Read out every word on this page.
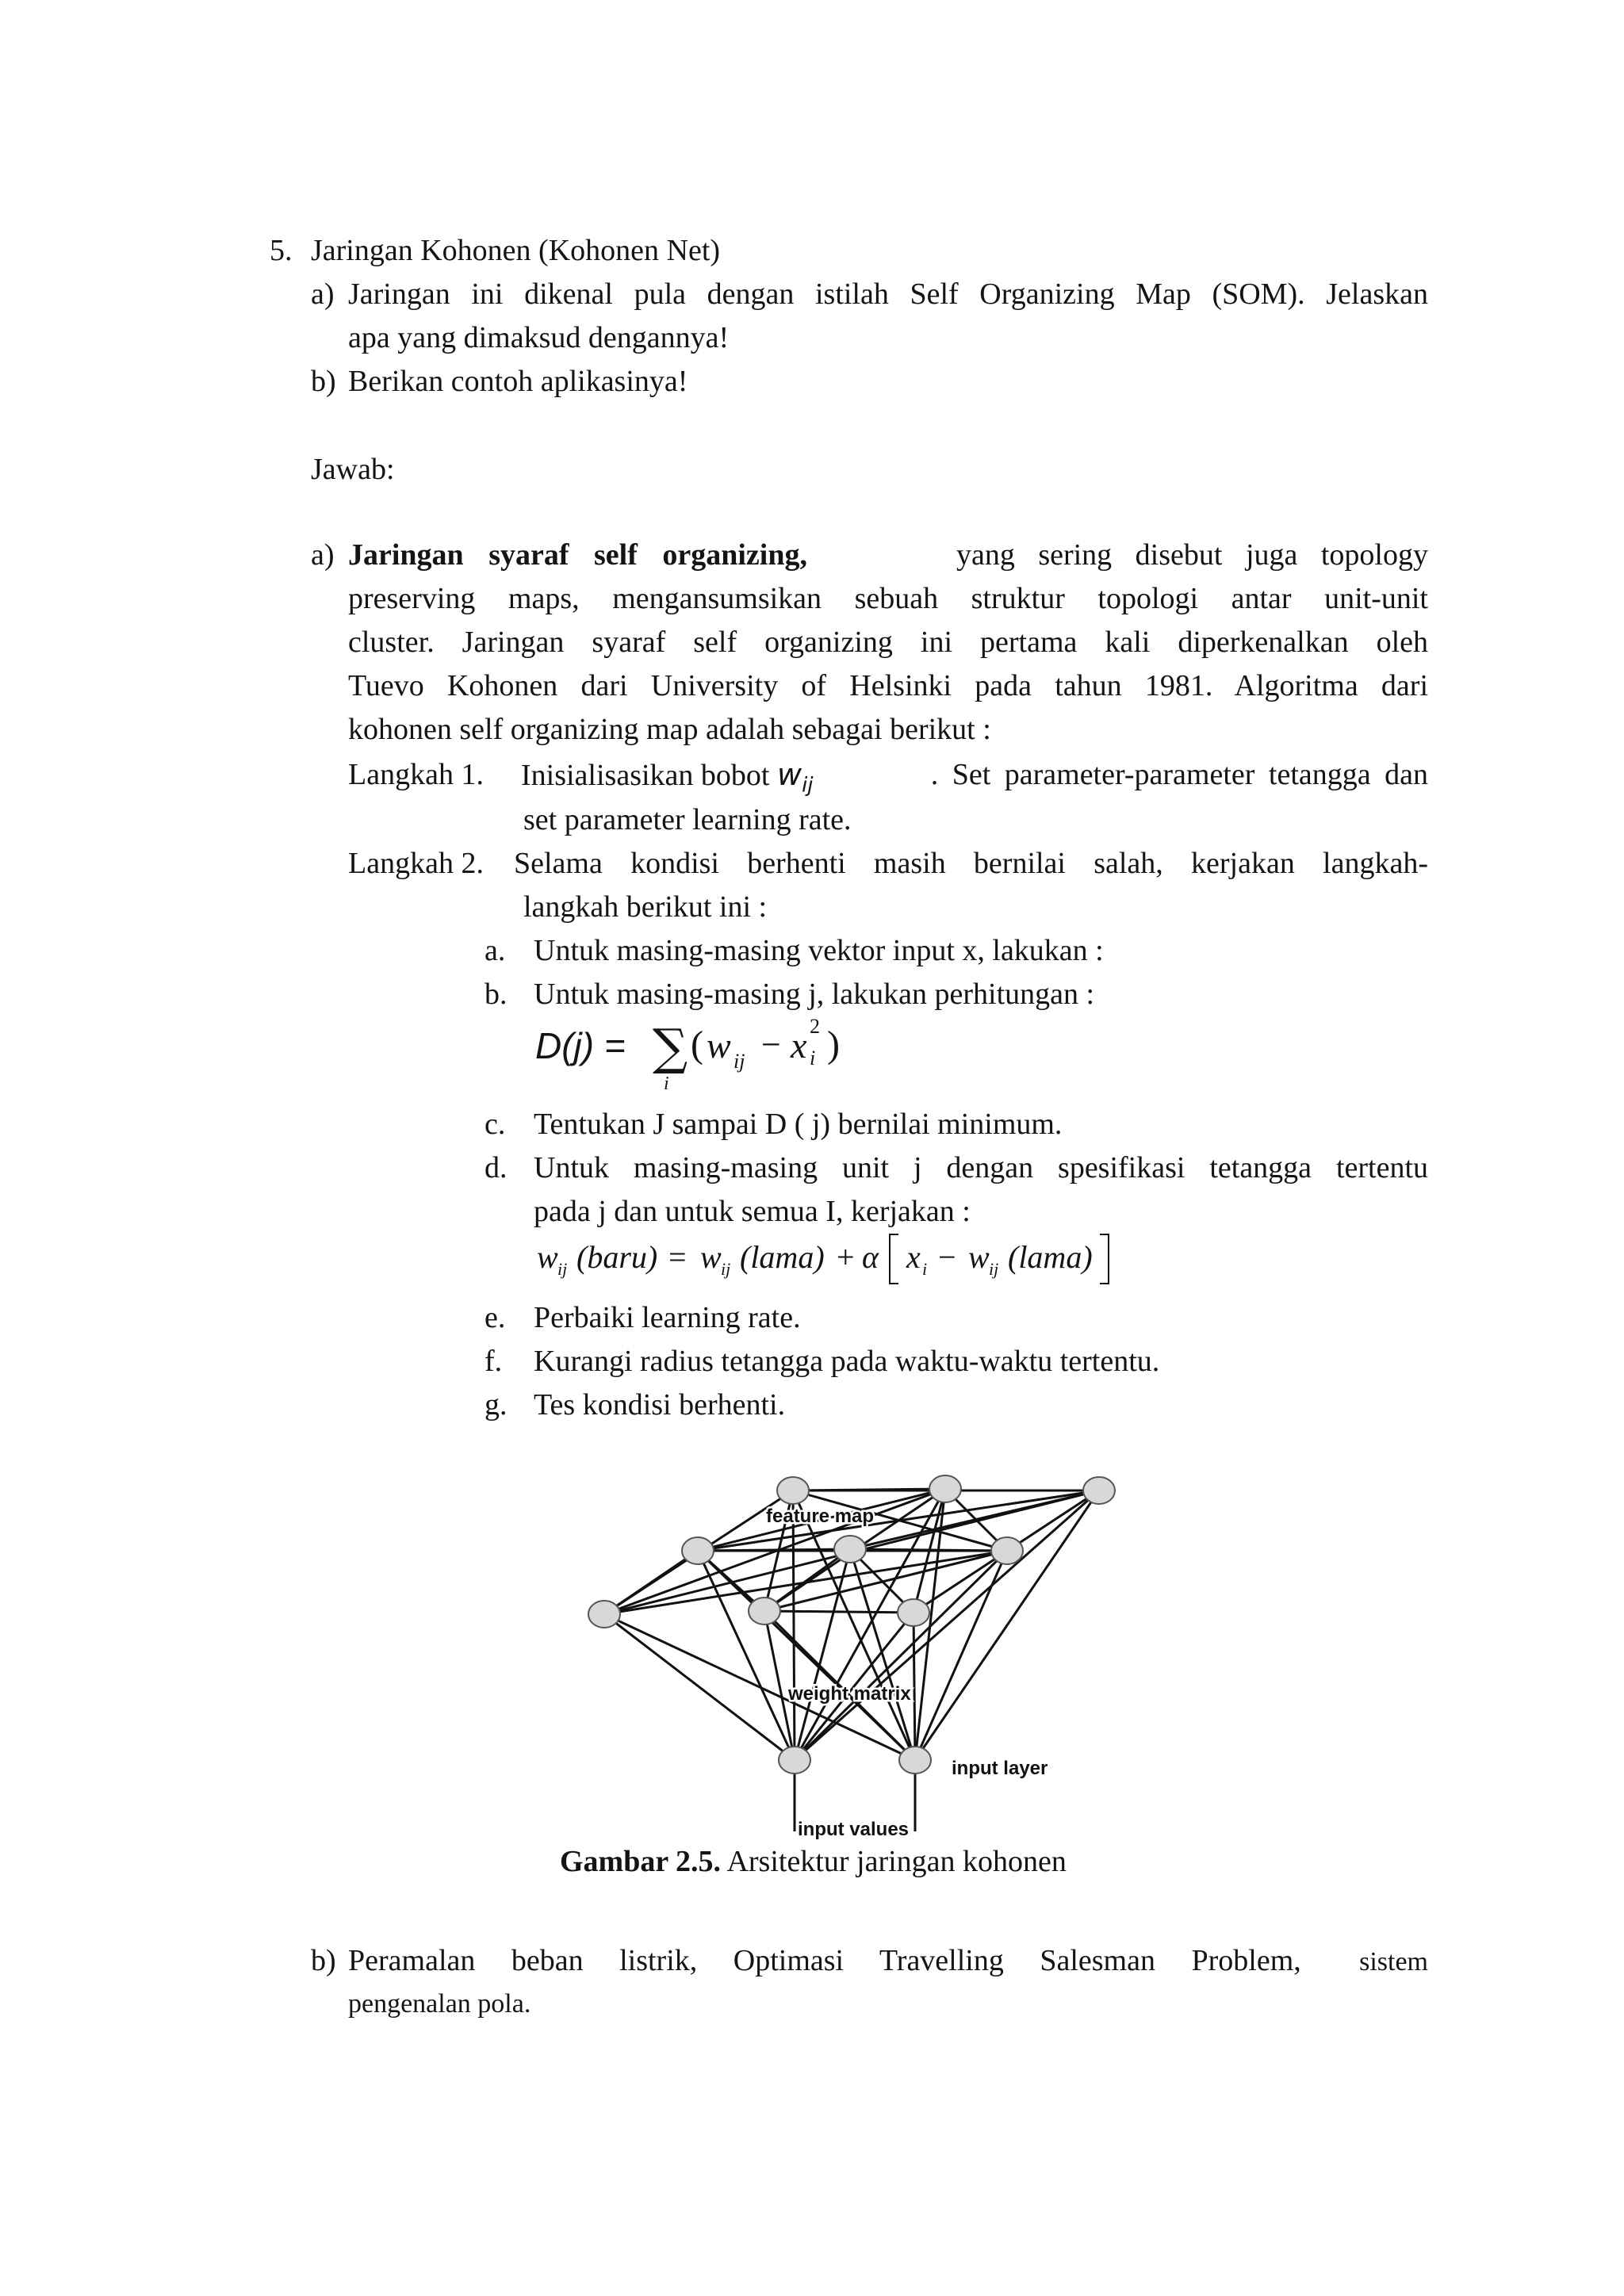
5. Jaringan Kohonen (Kohonen Net)
a) Jaringan ini dikenal pula dengan istilah Self Organizing Map (SOM). Jelaskan
apa yang dimaksud dengannya!
b) Berikan contoh aplikasinya!
Jawab:
a) Jaringan syaraf self organizing,	yang sering disebut juga topology
preserving maps, mengansumsikan sebuah struktur topologi antar unit-unit
cluster. Jaringan syaraf self organizing ini pertama kali diperkenalkan oleh
Tuevo Kohonen dari University of Helsinki pada tahun 1981. Algoritma dari
kohonen self organizing map adalah sebagai berikut :
Langkah 1. Inisialisasikan bobot $w_{ij}$	. Set parameter-parameter tetangga dan
set parameter learning rate.
Langkah 2. Selama kondisi berhenti masih bernilai salah, kerjakan langkah-
langkah berikut ini :
a. Untuk masing-masing vektor input x, lakukan :
b. Untuk masing-masing j, lakukan perhitungan :
D(j) = ∑
i
( w ij − x 2
i )
c. Tentukan J sampai D ( j) bernilai minimum.
d. Untuk masing-masing unit j dengan spesifikasi tetangga tertentu
pada j dan untuk semua I, kerjakan :
w ij (baru) = w ij (lama) + α x i − w ij (lama)
e. Perbaiki learning rate.
f. Kurangi radius tetangga pada waktu-waktu tertentu.
g. Tes kondisi berhenti.
feature map
weight matrix
input layer
input values
Gambar 2.5. Arsitektur jaringan kohonen
b) Peramalan beban listrik, Optimasi Travelling Salesman Problem, sistem
pengenalan pola.
